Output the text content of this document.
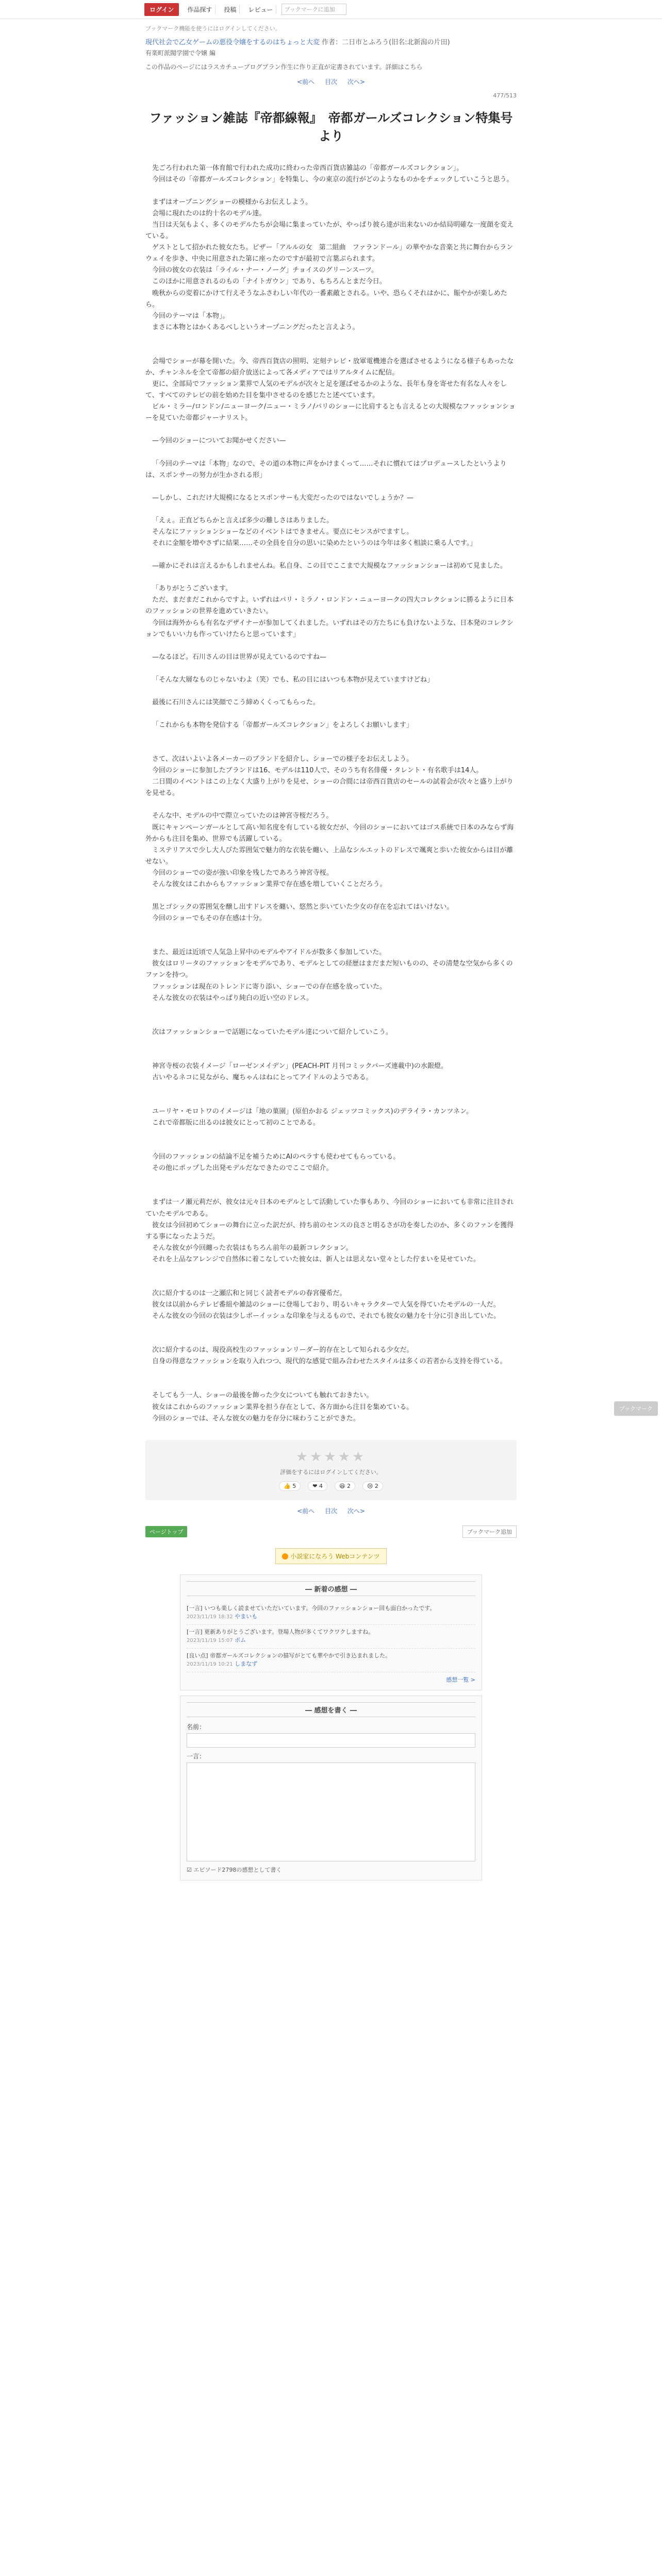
ログイン	作品探す	投稿	レビュー	ブックマークに追加
ブックマーク機能を使うにはログインしてください。
現代社会で乙女ゲームの悪役令嬢をするのはちょっと大変 作者：二日市とふろう(旧名:北新潟の片田)
有楽町派閥学園で令嬢 編
この作品のページにはラスカチューブログプラン作生に作り正直が定書されています。詳細はこちら
<前へ 目次 次へ>
477/513
ファッション雑誌『帝都線報』　帝都ガールズコレクション特集号より

先ごろ行われた第一体育館で行われた成功に終わった帝西百貨店雑誌の「帝都ガールズコレクション」。

今回はその「帝都ガールズコレクション」を特集し、今の東京の流行がどのようなものかをチェックしていこうと思う。

まずはオープニングショーの模様からお伝えしよう。

会場に現れたのは約十名のモデル達。

当日は天気もよく、多くのモデルたちが会場に集まっていたが、やっぱり彼ら達が出来ないのか結局明確な一度顔を変えている。

ゲストとして招かれた彼女たち。ピザー「アルルの女　第二組曲　ファランドール」の華やかな音楽と共に舞台からランウェイを歩き、中央に用意された第に座ったのですが最初で言葉ぶられます。

今回の彼女の衣装は「ライル・ナー・ノーグ」チョイスのグリーンスーツ。

このほかに用意されるのもの「ナイトガウン」であり、もちろんとまだ今日。

晩秋からの変着にかけて行えそうなふさわしい年代の一番素敵とされる。いや、恐らくそれはかに、賑やかが楽しめたら。

今回のテーマは「本物」。

まさに本物とはかくあるべしというオープニングだったと言えよう。

会場でショーが幕を開いた。今、帝西百貨店の照明、定刻テレビ・放軍電機連合を選ばさせるようになる様子もあったなか、チャンネルを全て帝都の紹介放送によって各メディアではリアルタイムに配信。

更に、全部局でファッション業界で人気のモデルが次々と足を運ばせるかのような、長年も身を寄せた有名な人々をして、すべてのテレビの前を始めた目を集中させるのを感じたと述べています。

ビル・ミラー/ロンドン/ニューヨーク/ニュー・ミラノ/パリのショーに比肩するとも言えるとの大規模なファッションショーを見ていた帝都ジャーナリスト。

—今回のショーについてお聞かせください—

「今回のテーマは「本物」なので、その道の本物に声をかけまくって……それに慣れてはプロデュースしたというよりは、スポンサーの努力が生かされる形」

—しかし、これだけ大規模になるとスポンサーも大変だったのではないでしょうか？—

「えぇ。正直どちらかと言えば多少の難しさはありました。

そんなにファッションショーなどのイベントはできません。要点にセンスがでますし。

それに金額を増やさずに結果……その全員を自分の思いに染めたというのは今年は多く相談に乗る人です。」

—確かにそれは言えるかもしれませんね。私自身、この目でここまで大規模なファッションショーは初めて見ました。

「ありがとうございます。

ただ、まだまだこれからですよ。いずれはパリ・ミラノ・ロンドン・ニューヨークの四大コレクションに勝るように日本のファッションの世界を進めていきたい。

今回は海外からも有名なデザイナーが参加してくれました。いずれはその方たちにも負けないような、日本発のコレクションでもいい力も作っていけたらと思っています」

—なるほど。石川さんの目は世界が見えているのですね—

「そんな大層なものじゃないわよ（笑）でも、私の目にはいつも本物が見えていますけどね」

最後に石川さんには笑顔でこう締めくくってもらった。

「これからも本物を発信する「帝都ガールズコレクション」をよろしくお願いします」

さて、次はいよいよ各メーカーのブランドを紹介し、ショーでの様子をお伝えしよう。

今回のショーに参加したブランドは16、モデルは110人で、そのうち有名俳優・タレント・有名歌手は14人。

二日間のイベントはこの上なく大盛り上がりを見せ、ショーの合間には帝西百貨店のセールの試着会が次々と盛り上がりを見せる。

そんな中、モデルの中で際立っていたのは神宮寺桜だろう。

既にキャンペーンガールとして高い知名度を有している彼女だが、今回のショーにおいてはゴス系統で日本のみならず海外からも注目を集め、世界でも活躍している。

ミステリアスで少し大人びた雰囲気で魅力的な衣装を纏い、上品なシルエットのドレスで颯爽と歩いた彼女からは目が離せない。

今回のショーでの姿が強い印象を残したであろう神宮寺桜。

そんな彼女はこれからもファッション業界で存在感を増していくことだろう。

黒とゴシックの雰囲気を醸し出すドレスを纏い、悠然と歩いていた少女の存在を忘れてはいけない。

今回のショーでもその存在感は十分。

また、最近は近頃で人気急上昇中のモデルやアイドルが数多く参加していた。

彼女はロリータのファッションをモデルであり、モデルとしての経歴はまだまだ短いものの、その清楚な空気から多くのファンを持つ。

ファッションは現在のトレンドに寄り添い、ショーでの存在感を放っていた。

そんな彼女の衣装はやっぱり純白の近い空のドレス。

次はファッションショーで話題になっていたモデル達について紹介していこう。

神宮寺桜の衣装イメージ「ローゼンメイデン」(PEACH-PIT 月刊コミックバーズ連載中)の水銀燈。

古いやるネコに見ながら、魔ちゃんはねにとってアイドルのようである。

ユーリヤ・モロトワのイメージは「地の菓園」(原伯かおる ジェッツコミックス)のデライラ・カンツネン。

これで帝都版に出るのは彼女にとって初のことである。

今回のファッションの結論不足を補うためにAIのペラすも使わせてもらっている。

その他にポップした出発モデルだなできたのでここで紹介。

まずは一ノ瀬元莉だが、彼女は元々日本のモデルとして活動していた事もあり、今回のショーにおいても非常に注目されていたモデルである。

彼女は今回初めてショーの舞台に立った訳だが、持ち前のセンスの良さと明るさが功を奏したのか、多くのファンを獲得する事になったようだ。

そんな彼女が今回纏った衣装はもちろん前年の最新コレクション。

それを上品なアレンジで自然体に着こなしていた彼女は、新人とは思えない堂々とした佇まいを見せていた。

次に紹介するのは一之瀬広和と同じく読者モデルの春宮優希だ。

彼女は以前からテレビ番組や雑誌のショーに登場しており、明るいキャラクターで人気を得ていたモデルの一人だ。

そんな彼女の今回の衣装は少しボーイッシュな印象を与えるもので、それでも彼女の魅力を十分に引き出していた。

次に紹介するのは、現役高校生のファッションリーダー的存在として知られる少女だ。

自身の得意なファッションを取り入れつつ、現代的な感覚で組み合わせたスタイルは多くの若者から支持を得ている。

そしてもう一人、ショーの最後を飾った少女についても触れておきたい。

彼女はこれからのファッション業界を担う存在として、各方面から注目を集めている。

今回のショーでは、そんな彼女の魅力を存分に味わうことができた。

★★★★★
評価をするにはログインしてください。
👍 5	❤ 4	😆 2	😢 2
<前へ 目次 次へ>
ブックマーク
ページトップ	ブックマーク追加
小説家になろう Webコンテンツ
― 新着の感想 ―
[一言] いつも楽しく読ませていただいています。今回のファッションショー回も面白かったです。
2023/11/19 18:32 やまいも
[一言] 更新ありがとうございます。登場人物が多くてワクワクしますね。
2023/11/19 15:07 ポム
[良い点] 帝都ガールズコレクションの描写がとても華やかで引き込まれました。
2023/11/19 10:21 しまなず
感想一覧 >
― 感想を書く ―
名前：
一言：
☑ エピソード2798の感想として書く
